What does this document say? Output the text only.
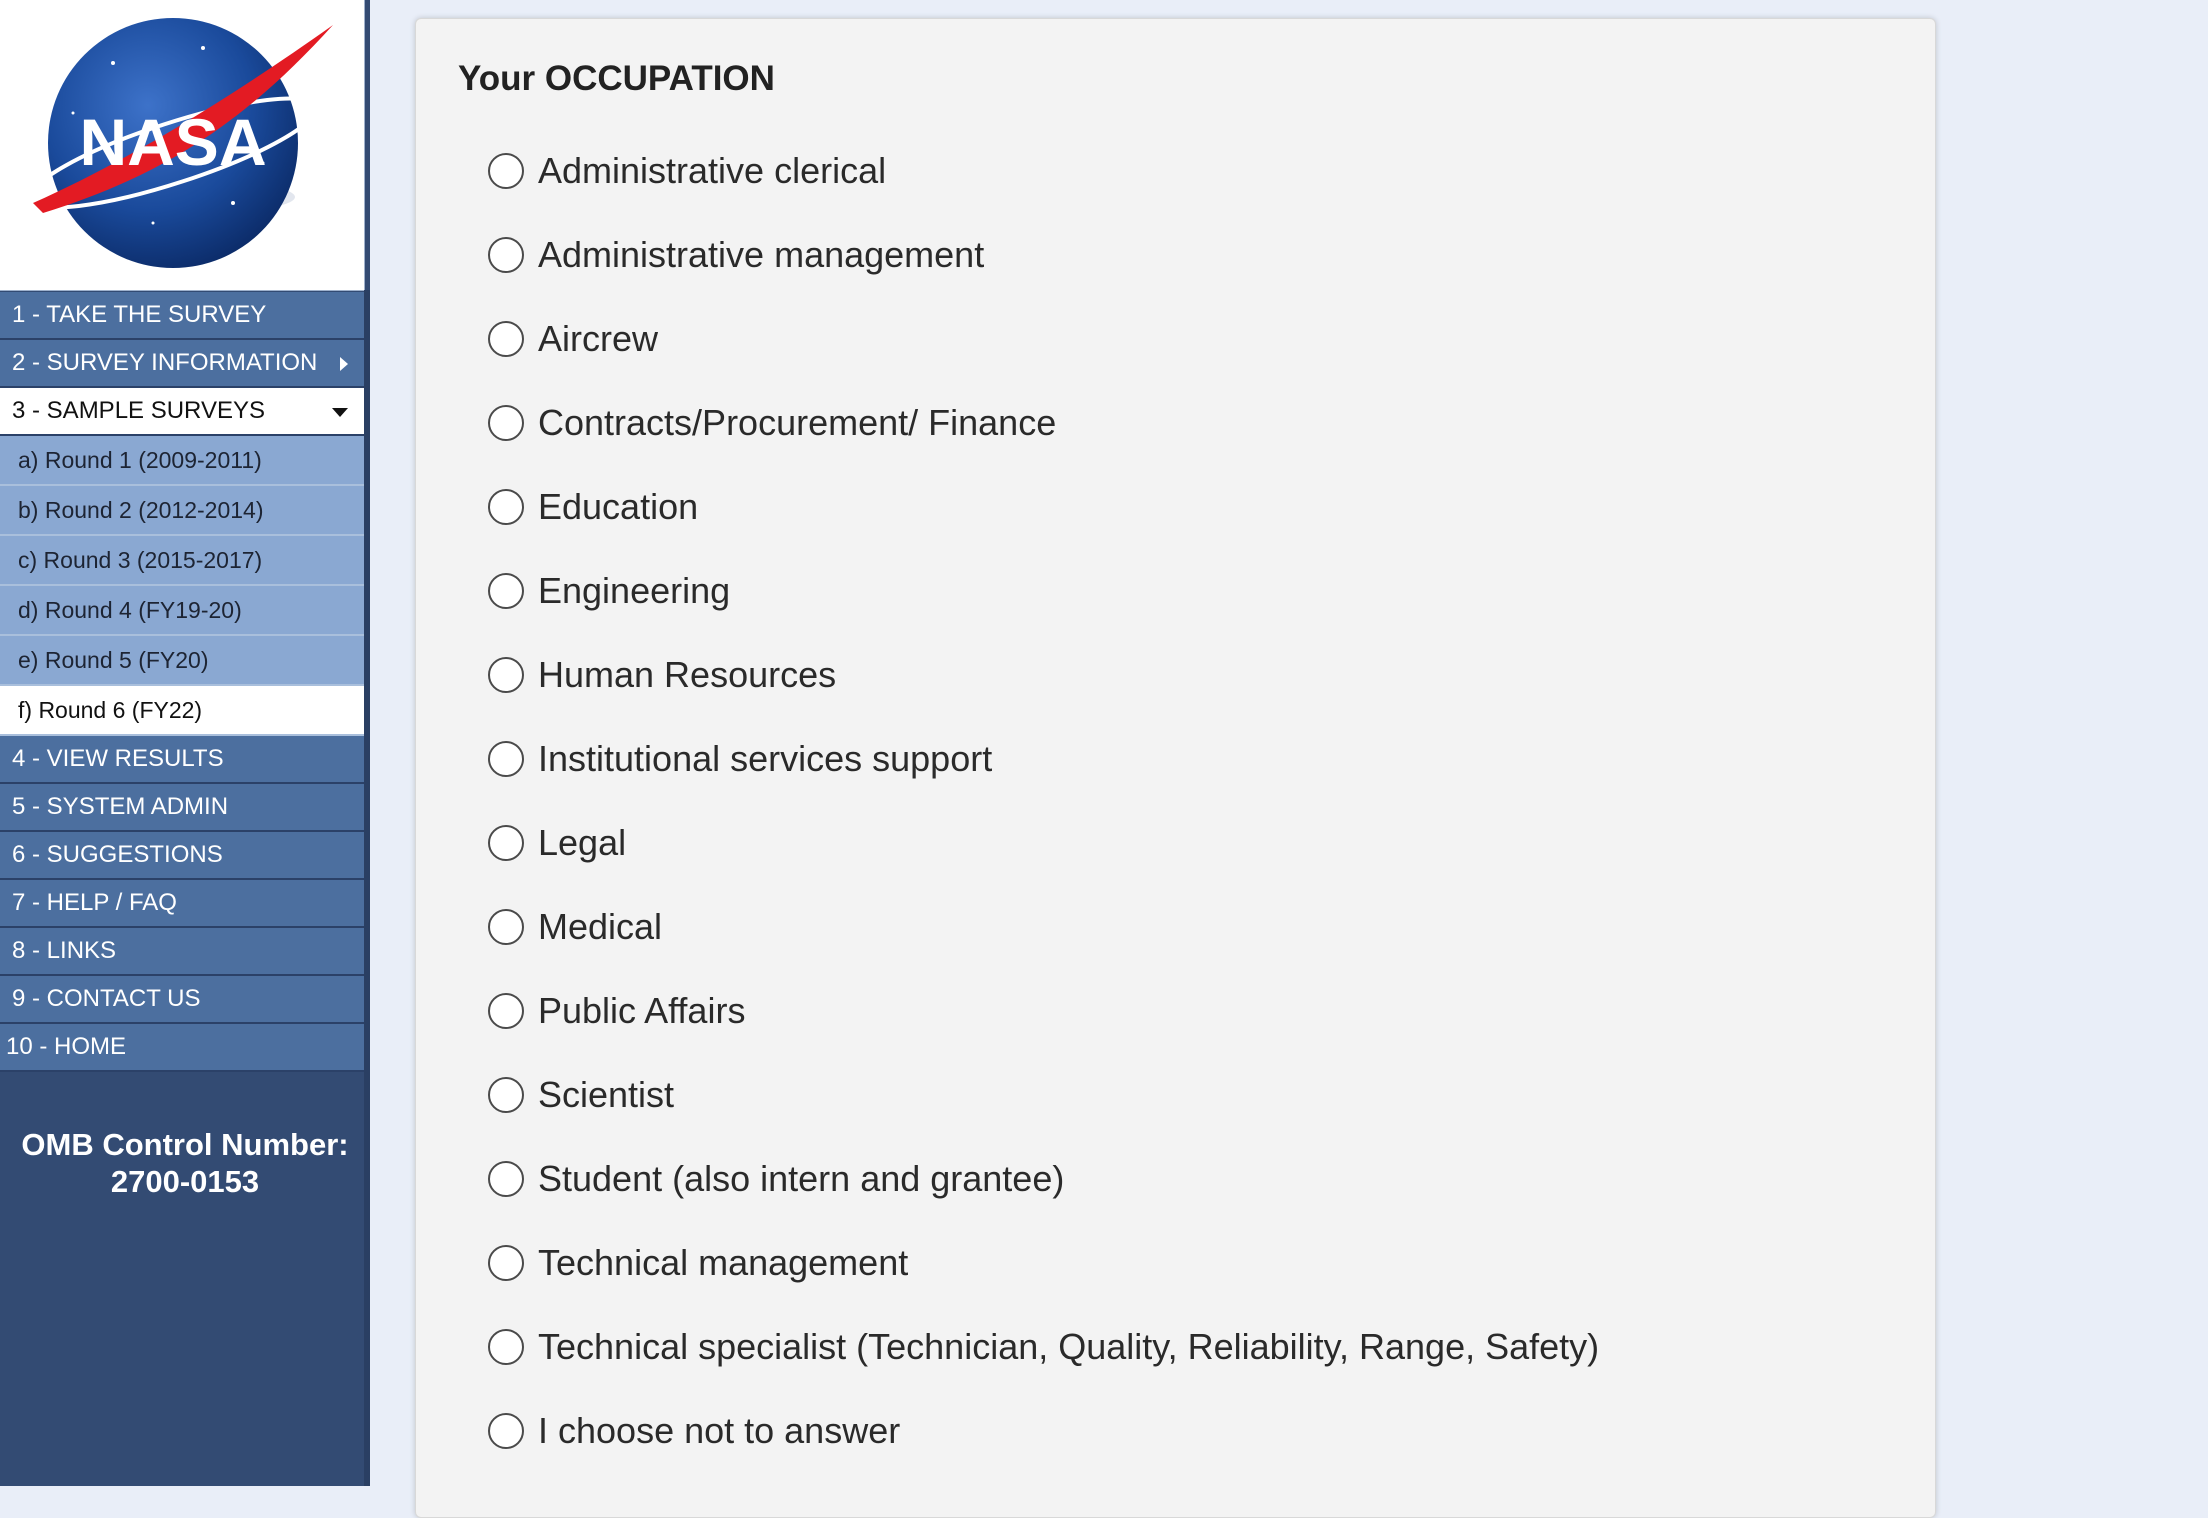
NASA
1 - TAKE THE SURVEY
2 - SURVEY INFORMATION
3 - SAMPLE SURVEYS
a) Round 1 (2009-2011)
b) Round 2 (2012-2014)
c) Round 3 (2015-2017)
d) Round 4 (FY19-20)
e) Round 5 (FY20)
f) Round 6 (FY22)
4 - VIEW RESULTS
5 - SYSTEM ADMIN
6 - SUGGESTIONS
7 - HELP / FAQ
8 - LINKS
9 - CONTACT US
10 - HOME
OMB Control Number:
2700-0153
Your OCCUPATION
Administrative clerical
Administrative management
Aircrew
Contracts/Procurement/ Finance
Education
Engineering
Human Resources
Institutional services support
Legal
Medical
Public Affairs
Scientist
Student (also intern and grantee)
Technical management
Technical specialist (Technician, Quality, Reliability, Range, Safety)
I choose not to answer
